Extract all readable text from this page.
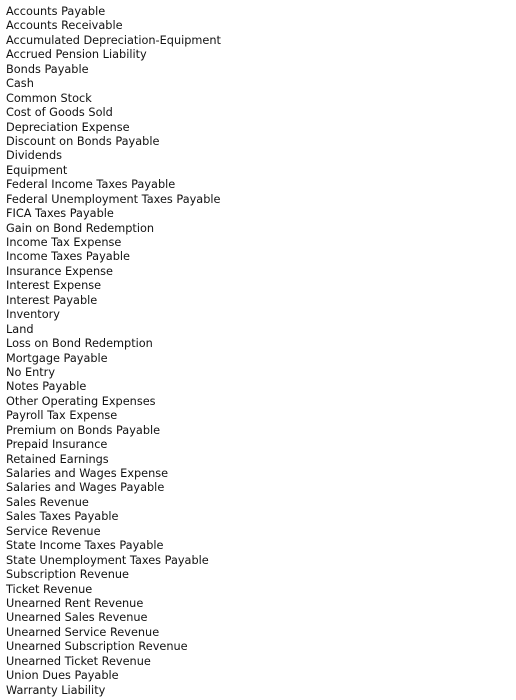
Accounts Payable
Accounts Receivable
Accumulated Depreciation-Equipment
Accrued Pension Liability
Bonds Payable
Cash
Common Stock
Cost of Goods Sold
Depreciation Expense
Discount on Bonds Payable
Dividends
Equipment
Federal Income Taxes Payable
Federal Unemployment Taxes Payable
FICA Taxes Payable
Gain on Bond Redemption
Income Tax Expense
Income Taxes Payable
Insurance Expense
Interest Expense
Interest Payable
Inventory
Land
Loss on Bond Redemption
Mortgage Payable
No Entry
Notes Payable
Other Operating Expenses
Payroll Tax Expense
Premium on Bonds Payable
Prepaid Insurance
Retained Earnings
Salaries and Wages Expense
Salaries and Wages Payable
Sales Revenue
Sales Taxes Payable
Service Revenue
State Income Taxes Payable
State Unemployment Taxes Payable
Subscription Revenue
Ticket Revenue
Unearned Rent Revenue
Unearned Sales Revenue
Unearned Service Revenue
Unearned Subscription Revenue
Unearned Ticket Revenue
Union Dues Payable
Warranty Liability
